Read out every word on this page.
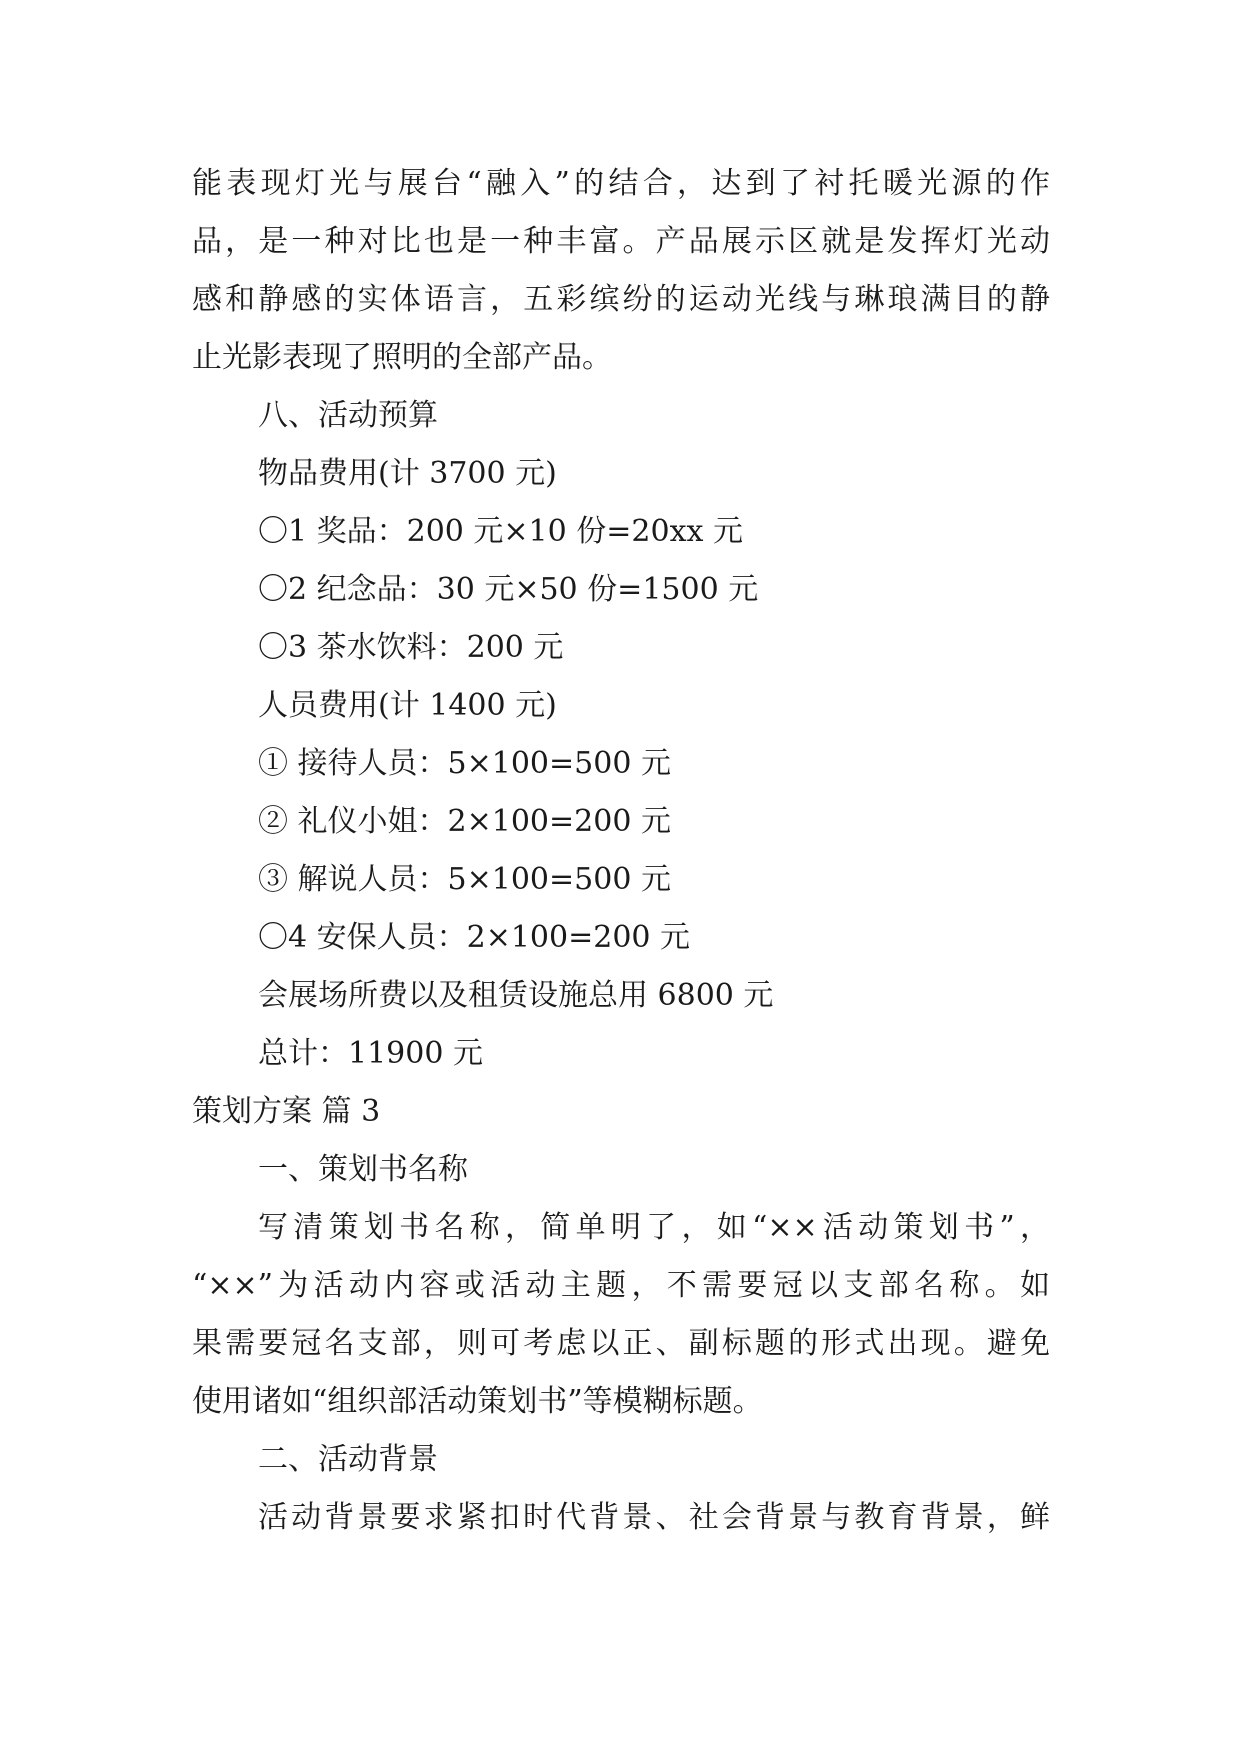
能表现灯光与展台“融入”的结合，达到了衬托暖光源的作
品，是一种对比也是一种丰富。产品展示区就是发挥灯光动
感和静感的实体语言，五彩缤纷的运动光线与琳琅满目的静
止光影表现了照明的全部产品。
八、活动预算
物品费用(计 3700 元)
〇1 奖品：200 元×10 份=20xx 元
〇2 纪念品：30 元×50 份=1500 元
〇3 茶水饮料：200 元
人员费用(计 1400 元)
① 接待人员：5×100=500 元
② 礼仪小姐：2×100=200 元
③ 解说人员：5×100=500 元
〇4 安保人员：2×100=200 元
会展场所费以及租赁设施总用 6800 元
总计：11900 元
策划方案 篇 3
一、策划书名称
写清策划书名称，简单明了，如“××活动策划书”，
“××”为活动内容或活动主题，不需要冠以支部名称。如
果需要冠名支部，则可考虑以正、副标题的形式出现。避免
使用诸如“组织部活动策划书”等模糊标题。
二、活动背景
活动背景要求紧扣时代背景、社会背景与教育背景，鲜
